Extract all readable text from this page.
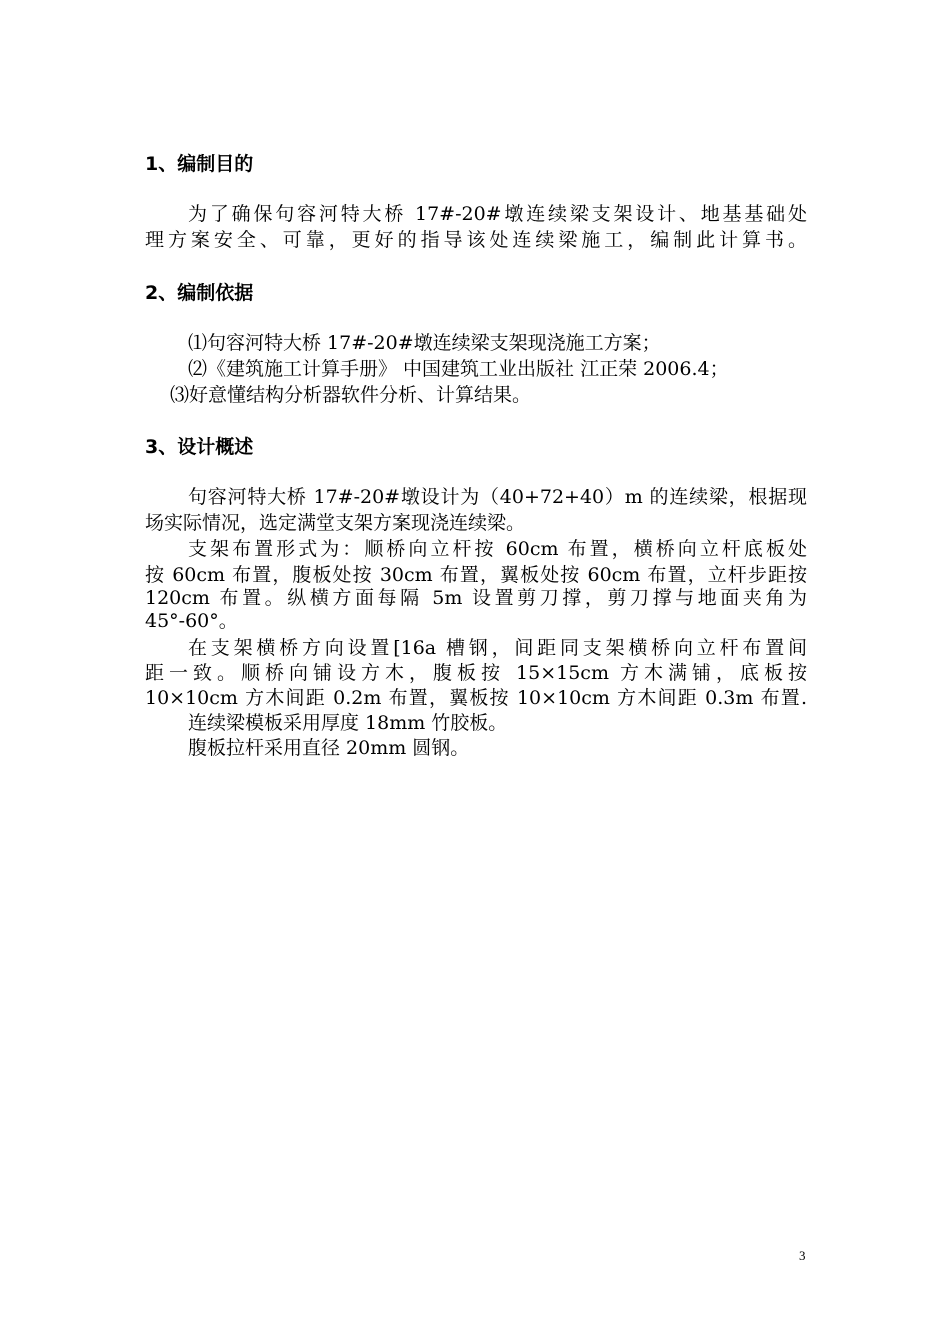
1、编制目的
为了确保句容河特大桥 17#-20#墩连续梁支架设计、地基基础处
理方案安全、可靠，更好的指导该处连续梁施工，编制此计算书。
2、编制依据
⑴句容河特大桥 17#-20#墩连续梁支架现浇施工方案；
⑵《建筑施工计算手册》 中国建筑工业出版社 江正荣 2006.4；
⑶好意懂结构分析器软件分析、计算结果。
3、设计概述
句容河特大桥 17#-20#墩设计为（40+72+40）m 的连续梁，根据现
场实际情况，选定满堂支架方案现浇连续梁。
支架布置形式为：顺桥向立杆按 60cm 布置，横桥向立杆底板处
按 60cm 布置，腹板处按 30cm 布置，翼板处按 60cm 布置，立杆步距按
120cm 布置。纵横方面每隔 5m 设置剪刀撑，剪刀撑与地面夹角为
45°-60°。
在支架横桥方向设置[16a 槽钢，间距同支架横桥向立杆布置间
距一致。顺桥向铺设方木，腹板按 15×15cm 方木满铺，底板按
10×10cm 方木间距 0.2m 布置，翼板按 10×10cm 方木间距 0.3m 布置.
连续梁模板采用厚度 18mm 竹胶板。
腹板拉杆采用直径 20mm 圆钢。
3
